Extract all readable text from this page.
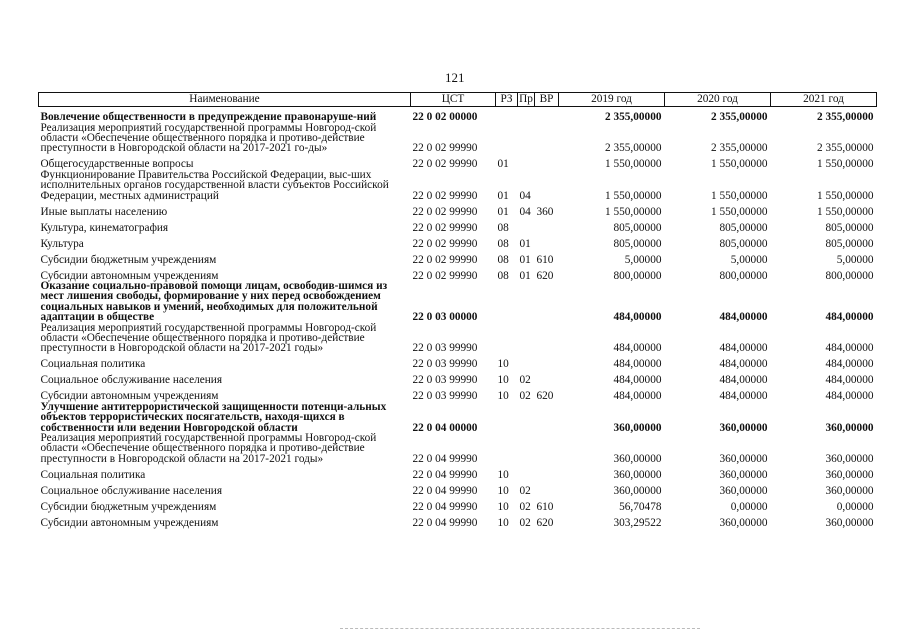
121
Наименование	ЦСТ	РЗ	Пр	ВР	2019 год	2020 год	2021 год
Вовлечение общественности в предупреждение правонаруше-ний	22 0 02 00000				2 355,00000	2 355,00000	2 355,00000
Реализация мероприятий государственной программы Новгород-ской области «Обеспечение общественного порядка и противо-действие преступности в Новгородской области на 2017-2021 го-ды»	22 0 02 99990				2 355,00000	2 355,00000	2 355,00000
Общегосударственные вопросы	22 0 02 99990	01			1 550,00000	1 550,00000	1 550,00000
Функционирование Правительства Российской Федерации, выс-ших исполнительных органов государственной власти субъектов Российской Федерации, местных администраций	22 0 02 99990	01	04		1 550,00000	1 550,00000	1 550,00000
Иные выплаты населению	22 0 02 99990	01	04	360	1 550,00000	1 550,00000	1 550,00000
Культура, кинематография	22 0 02 99990	08			805,00000	805,00000	805,00000
Культура	22 0 02 99990	08	01		805,00000	805,00000	805,00000
Субсидии бюджетным учреждениям	22 0 02 99990	08	01	610	5,00000	5,00000	5,00000
Субсидии автономным учреждениям	22 0 02 99990	08	01	620	800,00000	800,00000	800,00000
Оказание социально-правовой помощи лицам, освободив-шимся из мест лишения свободы, формирование у них перед освобождением социальных навыков и умений, необходимых для положительной адаптации в обществе	22 0 03 00000				484,00000	484,00000	484,00000
Реализация мероприятий государственной программы Новгород-ской области «Обеспечение общественного порядка и противо-действие преступности в Новгородской области на 2017-2021 годы»	22 0 03 99990				484,00000	484,00000	484,00000
Социальная политика	22 0 03 99990	10			484,00000	484,00000	484,00000
Социальное обслуживание населения	22 0 03 99990	10	02		484,00000	484,00000	484,00000
Субсидии автономным учреждениям	22 0 03 99990	10	02	620	484,00000	484,00000	484,00000
Улучшение антитеррористической защищенности потенци-альных объектов террористических посягательств, находя-щихся в собственности или ведении Новгородской области	22 0 04 00000				360,00000	360,00000	360,00000
Реализация мероприятий государственной программы Новгород-ской области «Обеспечение общественного порядка и противо-действие преступности в Новгородской области на 2017-2021 годы»	22 0 04 99990				360,00000	360,00000	360,00000
Социальная политика	22 0 04 99990	10			360,00000	360,00000	360,00000
Социальное обслуживание населения	22 0 04 99990	10	02		360,00000	360,00000	360,00000
Субсидии бюджетным учреждениям	22 0 04 99990	10	02	610	56,70478	0,00000	0,00000
Субсидии автономным учреждениям	22 0 04 99990	10	02	620	303,29522	360,00000	360,00000
